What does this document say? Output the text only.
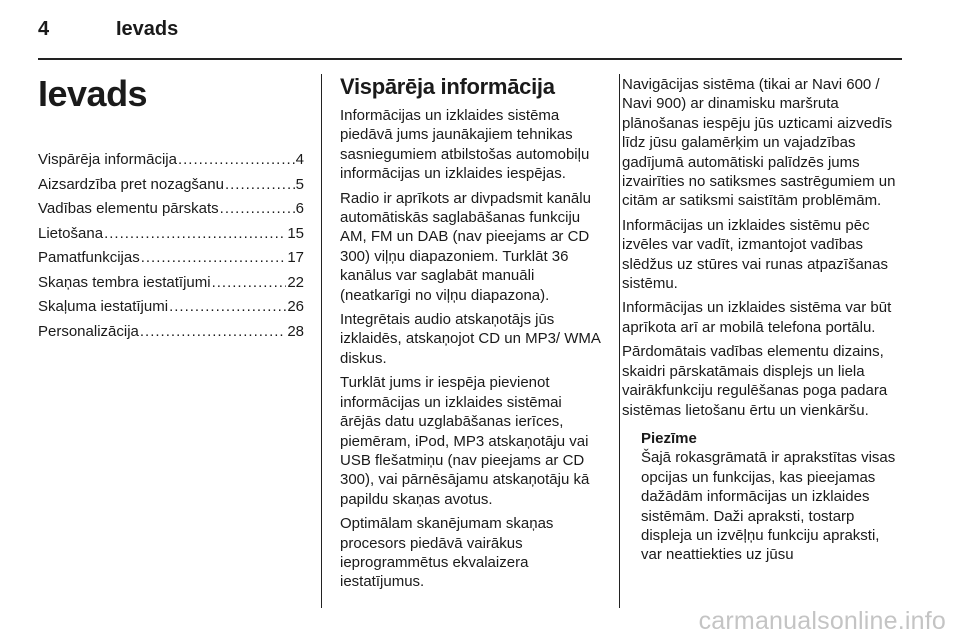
4	Ievads
Ievads
Vispārēja informācija .....	4
Aizsardzība pret nozagšanu .....	5
Vadības elementu pārskats .....	6
Lietošana .....	15
Pamatfunkcijas .....	17
Skaņas tembra iestatījumi .....	22
Skaļuma iestatījumi .....	26
Personalizācija .....	28
Vispārēja informācija

Informācijas un izklaides sistēma piedāvā jums jaunākajiem tehnikas sasniegumiem atbilstošas automobiļu informācijas un izklaides iespējas.

Radio ir aprīkots ar divpadsmit kanālu automātiskās saglabāšanas funkciju AM, FM un DAB (nav pieejams ar CD 300) viļņu diapazoniem. Turklāt 36 kanālus var saglabāt manuāli (neatkarīgi no viļņu diapazona).

Integrētais audio atskaņotājs jūs izklaidēs, atskaņojot CD un MP3/ WMA diskus.

Turklāt jums ir iespēja pievienot informācijas un izklaides sistēmai ārējās datu uzglabāšanas ierīces, piemēram, iPod, MP3 atskaņotāju vai USB flešatmiņu (nav pieejams ar CD 300), vai pārnēsājamu atskaņotāju kā papildu skaņas avotus.

Optimālam skanējumam skaņas procesors piedāvā vairākus ieprogrammētus ekvalaizera iestatījumus.

Navigācijas sistēma (tikai ar Navi 600 / Navi 900) ar dinamisku maršruta plānošanas iespēju jūs uzticami aizvedīs līdz jūsu galamērķim un vajadzības gadījumā automātiski palīdzēs jums izvairīties no satiksmes sastrēgumiem un citām ar satiksmi saistītām problēmām.

Informācijas un izklaides sistēmu pēc izvēles var vadīt, izmantojot vadības slēdžus uz stūres vai runas atpazīšanas sistēmu.

Informācijas un izklaides sistēma var būt aprīkota arī ar mobilā telefona portālu.

Pārdomātais vadības elementu dizains, skaidri pārskatāmais displejs un liela vairākfunkciju regulēšanas poga padara sistēmas lietošanu ērtu un vienkāršu.

Piezīme
Šajā rokasgrāmatā ir aprakstītas visas opcijas un funkcijas, kas pieejamas dažādām informācijas un izklaides sistēmām. Daži apraksti, tostarp displeja un izvēļņu funkciju apraksti, var neattiekties uz jūsu
carmanualsonline.info
